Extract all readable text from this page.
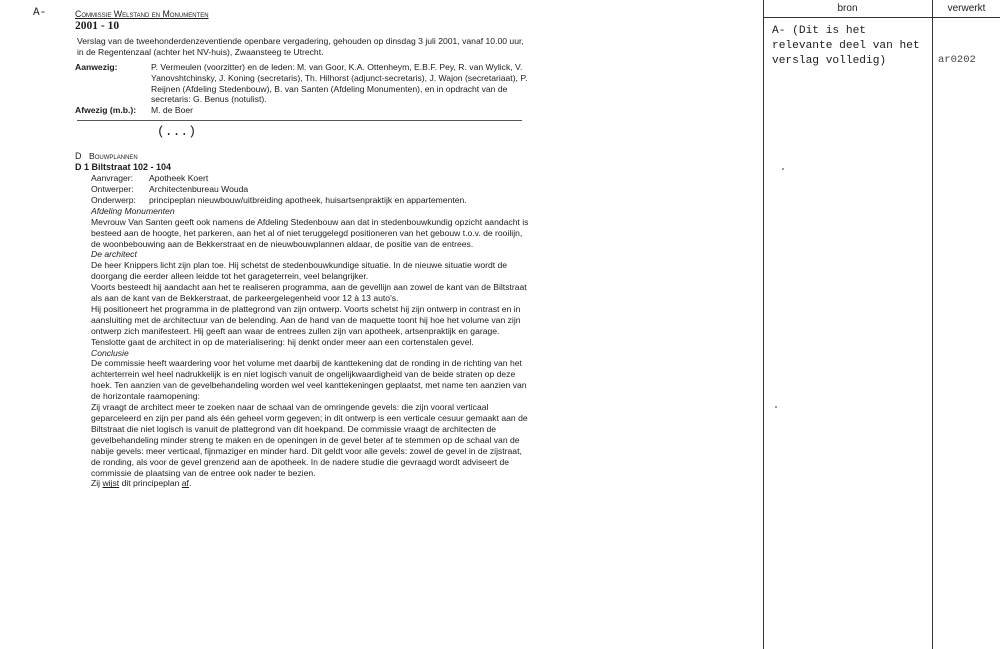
A-	Commissie Welstand en Monumenten
2001 - 10
Verslag van de tweehonderdenzeventiende openbare vergadering, gehouden op dinsdag 3 juli 2001, vanaf 10.00 uur, in de Regentenzaal (achter het NV-huis), Zwaansteeg te Utrecht.
Aanwezig:	P. Vermeulen (voorzitter) en de leden: M. van Goor, K.A. Ottenheym, E.B.F. Pey, R. van Wylick, V. Yanovshtchinsky, J. Koning (secretaris), Th. Hilhorst (adjunct-secretaris), J. Wajon (secretariaat), P. Reijnen (Afdeling Stedenbouw), B. van Santen (Afdeling Monumenten), en in opdracht van de secretaris: G. Benus (notulist).
Afwezig (m.b.):	M. de Boer
(...)
D Bouwplannen
D 1 Biltstraat 102 - 104
Aanvrager: Apotheek Koert
Ontwerper: Architectenbureau Wouda
Onderwerp: principeplan nieuwbouw/uitbreiding apotheek, huisartsenpraktijk en appartementen.
Afdeling Monumenten
Mevrouw Van Santen geeft ook namens de Afdeling Stedenbouw aan dat in stedenbouwkundig opzicht aandacht is besteed aan de hoogte, het parkeren, aan het al of niet teruggelegd positioneren van het gebouw t.o.v. de rooilijn, de woonbebouwing aan de Bekkerstraat en de nieuwbouwplannen aldaar, de positie van de entrees.
De architect
De heer Knippers licht zijn plan toe. Hij schetst de stedenbouwkundige situatie. In de nieuwe situatie wordt de doorgang die eerder alleen leidde tot het garageterrein, veel belangrijker.
Voorts besteedt hij aandacht aan het te realiseren programma, aan de gevellijn aan zowel de kant van de Biltstraat als aan de kant van de Bekkerstraat, de parkeergelegenheid voor 12 à 13 auto's.
Hij positioneert het programma in de plattegrond van zijn ontwerp. Voorts schetst hij zijn ontwerp in contrast en in aansluiting met de architectuur van de belending. Aan de hand van de maquette toont hij hoe het volume van zijn ontwerp zich manifesteert. Hij geeft aan waar de entrees zullen zijn van apotheek, artsenpraktijk en garage.
Tenslotte gaat de architect in op de materialisering: hij denkt onder meer aan een cortenstalen gevel.
Conclusie
De commissie heeft waardering voor het volume met daarbij de kanttekening dat de ronding in de richting van het achterterrein wel heel nadrukkelijk is en niet logisch vanuit de ongelijkwaardigheid van de beide straten op deze hoek. Ten aanzien van de gevelbehandeling worden wel veel kanttekeningen geplaatst, met name ten aanzien van de horizontale raamopening:
Zij vraagt de architect meer te zoeken naar de schaal van de omringende gevels: die zijn vooral verticaal geparceleerd en zijn per pand als één geheel vorm gegeven; in dit ontwerp is een verticale cesuur gemaakt aan de Biltstraat die niet logisch is vanuit de plattegrond van dit hoekpand. De commissie vraagt de architecten de gevelbehandeling minder streng te maken en de openingen in de gevel beter af te stemmen op de schaal van de nabije gevels: meer verticaal, fijnmaziger en minder hard. Dit geldt voor alle gevels: zowel de gevel in de zijstraat, de ronding, als voor de gevel grenzend aan de apotheek. In de nadere studie die gevraagd wordt adviseert de commissie de plaatsing van de entree ook nader te bezien.
Zij wijst dit principeplan af.
bron	verwerkt
A- (Dit is het relevante deel van het verslag volledig)	ar0202
